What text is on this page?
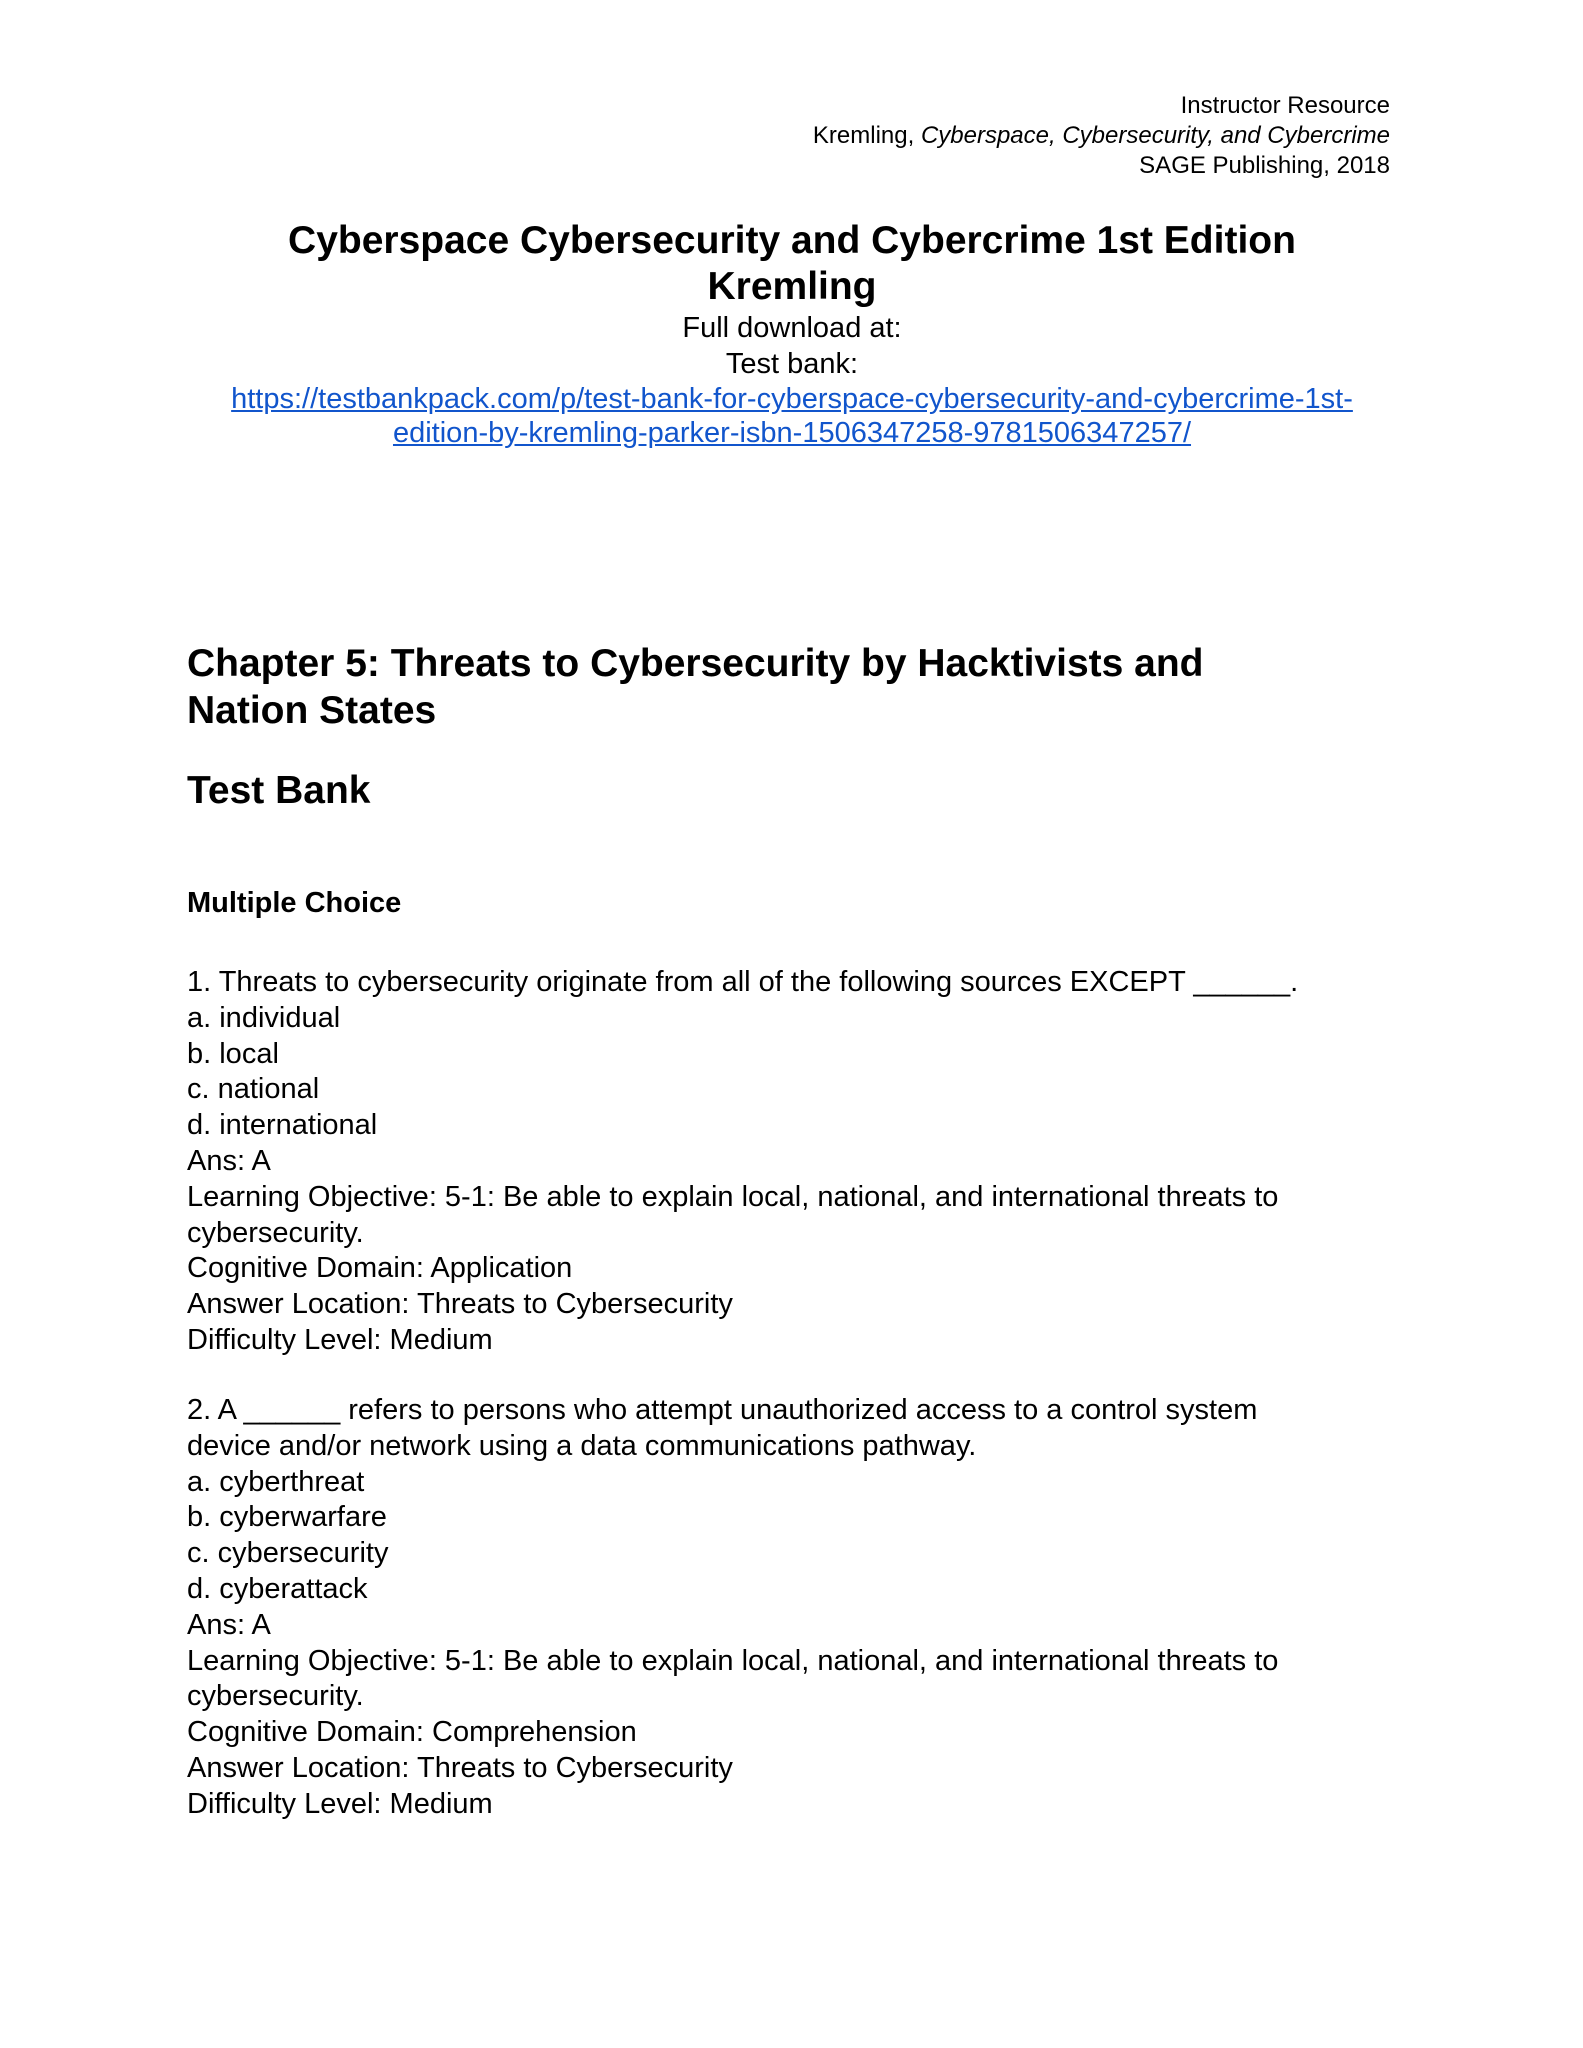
Instructor Resource
Kremling, Cyberspace, Cybersecurity, and Cybercrime
SAGE Publishing, 2018
Cyberspace Cybersecurity and Cybercrime 1st Edition
Kremling
Full download at:
Test bank:
https://testbankpack.com/p/test-bank-for-cyberspace-cybersecurity-and-cybercrime-1st-
edition-by-kremling-parker-isbn-1506347258-9781506347257/
Chapter 5: Threats to Cybersecurity by Hacktivists and
Nation States
Test Bank
Multiple Choice
1. Threats to cybersecurity originate from all of the following sources EXCEPT ______.
a. individual
b. local
c. national
d. international
Ans: A
Learning Objective: 5-1: Be able to explain local, national, and international threats to
cybersecurity.
Cognitive Domain: Application
Answer Location: Threats to Cybersecurity
Difficulty Level: Medium
2. A ______ refers to persons who attempt unauthorized access to a control system
device and/or network using a data communications pathway.
a. cyberthreat
b. cyberwarfare
c. cybersecurity
d. cyberattack
Ans: A
Learning Objective: 5-1: Be able to explain local, national, and international threats to
cybersecurity.
Cognitive Domain: Comprehension
Answer Location: Threats to Cybersecurity
Difficulty Level: Medium
